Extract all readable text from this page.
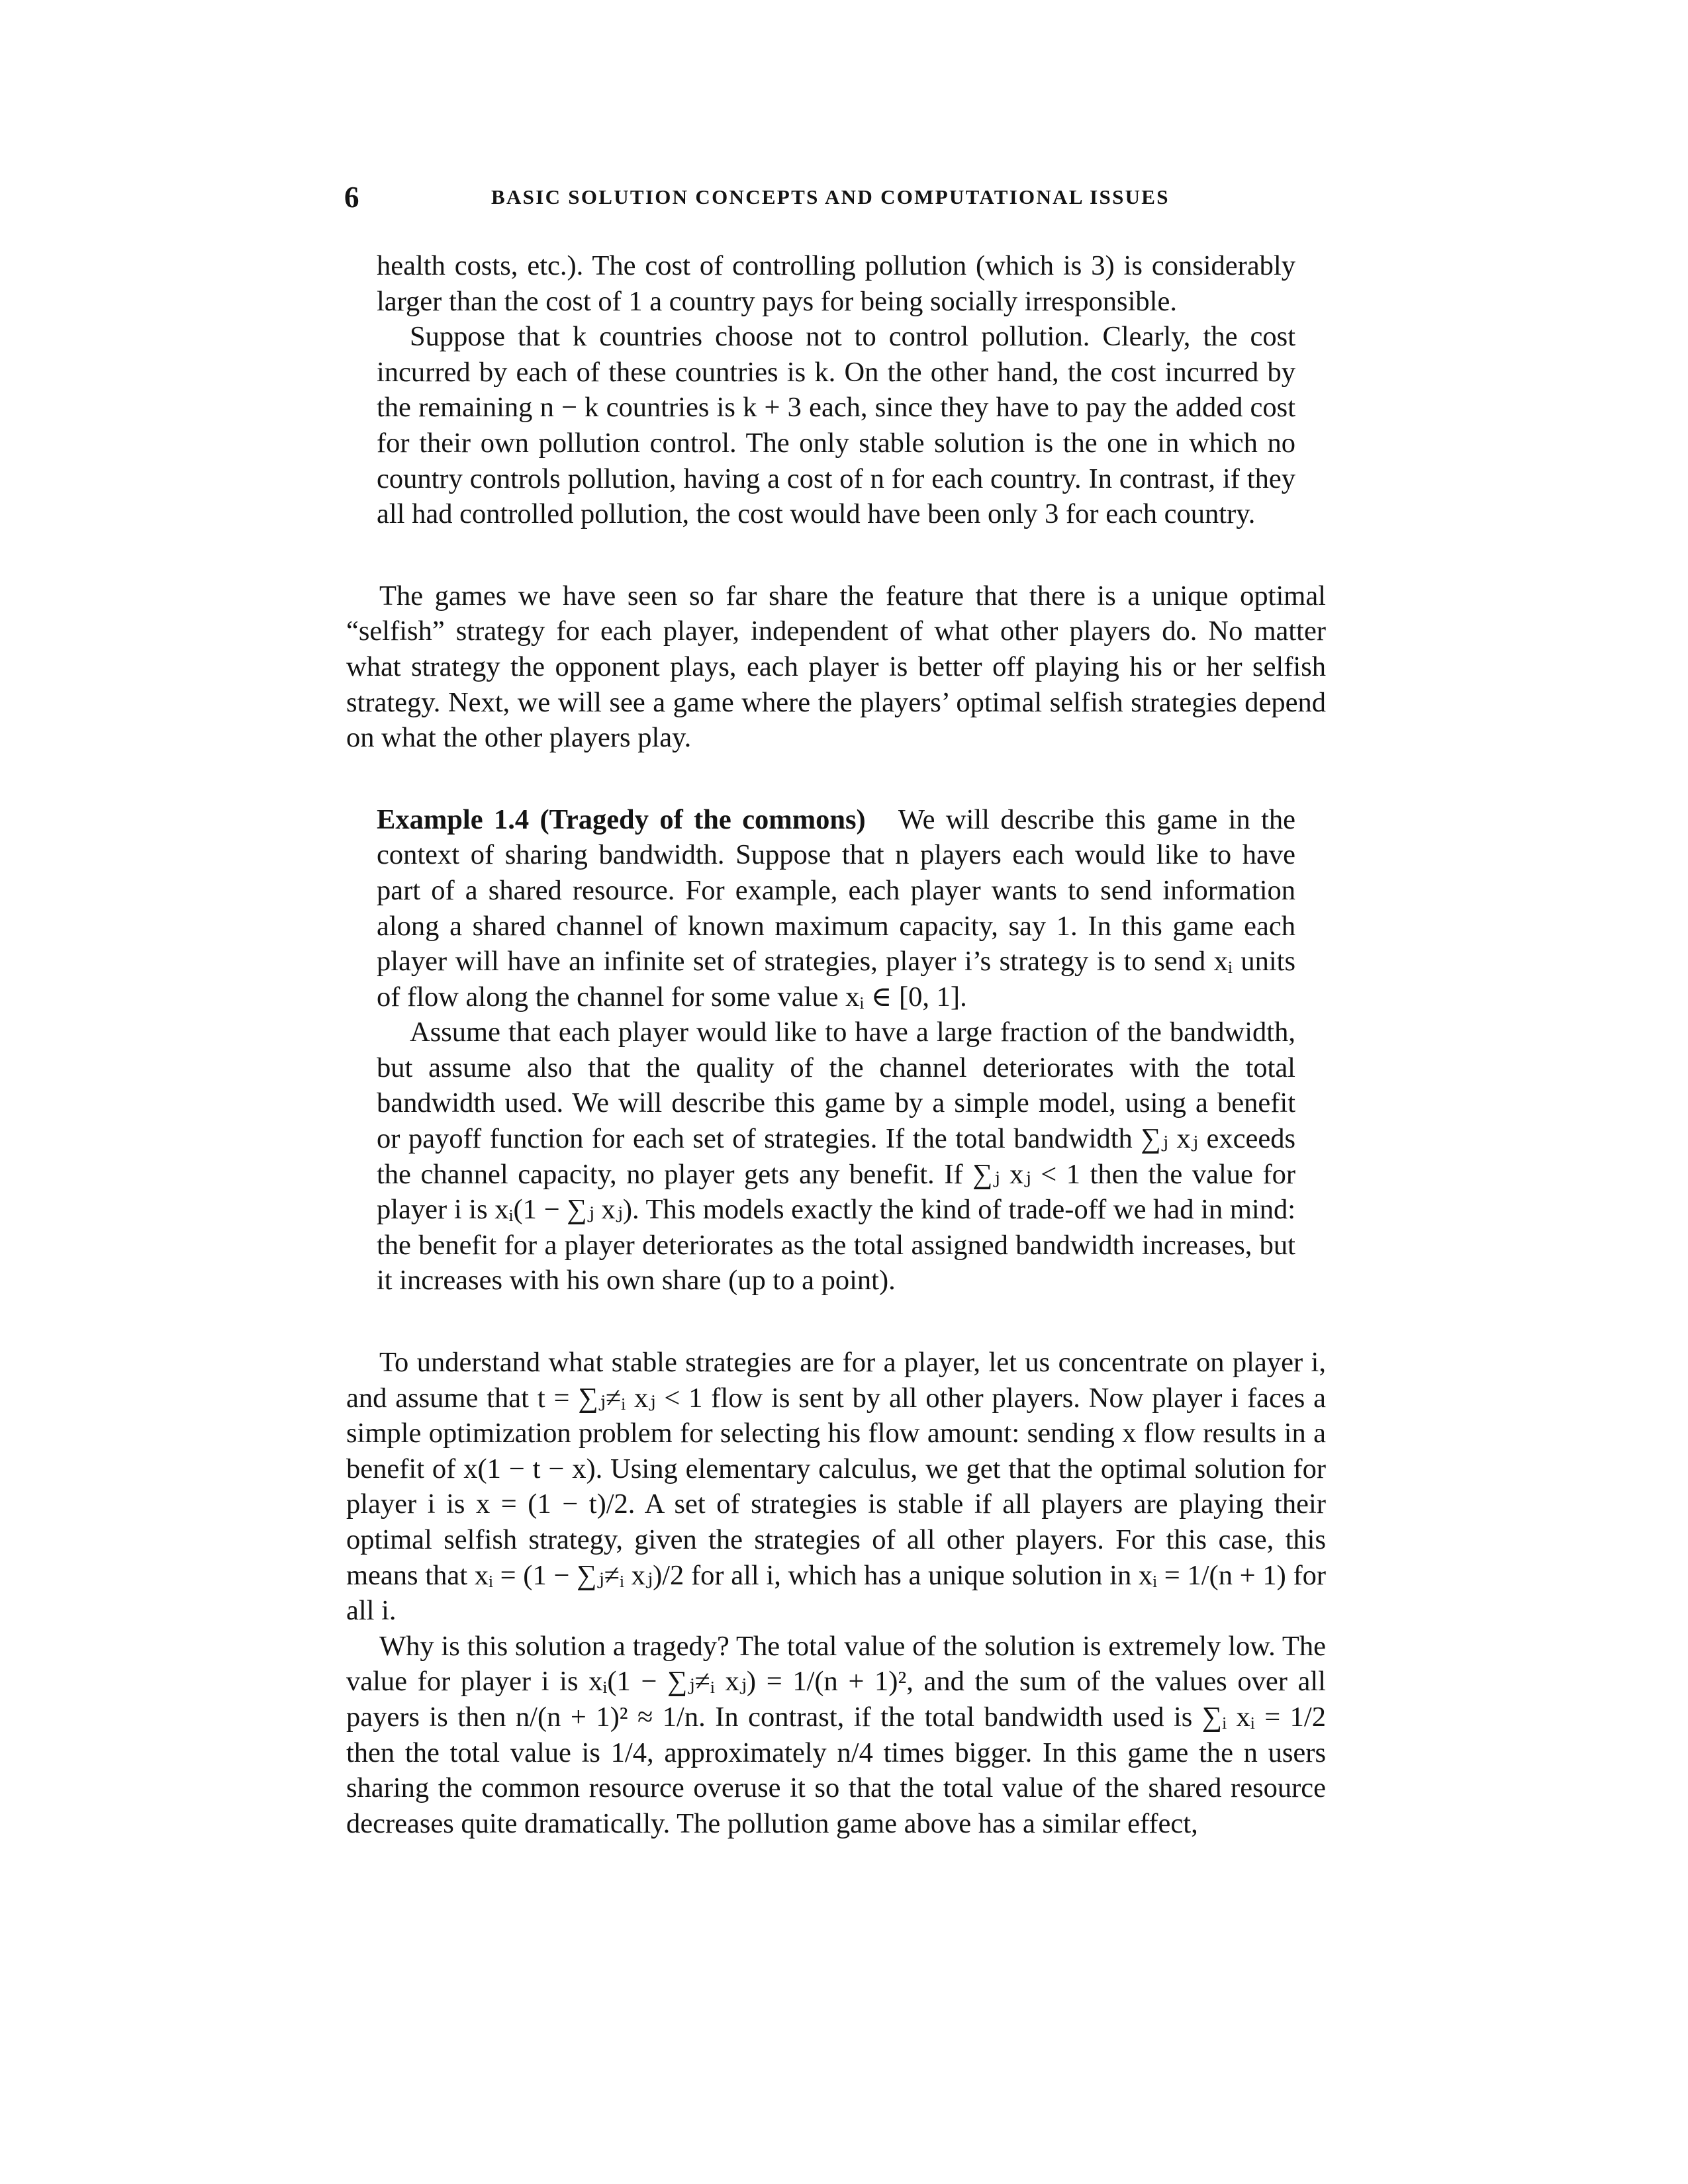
6	BASIC SOLUTION CONCEPTS AND COMPUTATIONAL ISSUES

health costs, etc.). The cost of controlling pollution (which is 3) is considerably larger than the cost of 1 a country pays for being socially irresponsible.

Suppose that k countries choose not to control pollution. Clearly, the cost incurred by each of these countries is k. On the other hand, the cost incurred by the remaining n − k countries is k + 3 each, since they have to pay the added cost for their own pollution control. The only stable solution is the one in which no country controls pollution, having a cost of n for each country. In contrast, if they all had controlled pollution, the cost would have been only 3 for each country.

The games we have seen so far share the feature that there is a unique optimal “selfish” strategy for each player, independent of what other players do. No matter what strategy the opponent plays, each player is better off playing his or her selfish strategy. Next, we will see a game where the players’ optimal selfish strategies depend on what the other players play.

Example 1.4 (Tragedy of the commons) We will describe this game in the context of sharing bandwidth. Suppose that n players each would like to have part of a shared resource. For example, each player wants to send information along a shared channel of known maximum capacity, say 1. In this game each player will have an infinite set of strategies, player i’s strategy is to send xᵢ units of flow along the channel for some value xᵢ ∈ [0, 1].

Assume that each player would like to have a large fraction of the bandwidth, but assume also that the quality of the channel deteriorates with the total bandwidth used. We will describe this game by a simple model, using a benefit or payoff function for each set of strategies. If the total bandwidth ∑ⱼ xⱼ exceeds the channel capacity, no player gets any benefit. If ∑ⱼ xⱼ < 1 then the value for player i is xᵢ(1 − ∑ⱼ xⱼ). This models exactly the kind of trade-off we had in mind: the benefit for a player deteriorates as the total assigned bandwidth increases, but it increases with his own share (up to a point).

To understand what stable strategies are for a player, let us concentrate on player i, and assume that t = ∑ⱼ≠ᵢ xⱼ < 1 flow is sent by all other players. Now player i faces a simple optimization problem for selecting his flow amount: sending x flow results in a benefit of x(1 − t − x). Using elementary calculus, we get that the optimal solution for player i is x = (1 − t)/2. A set of strategies is stable if all players are playing their optimal selfish strategy, given the strategies of all other players. For this case, this means that xᵢ = (1 − ∑ⱼ≠ᵢ xⱼ)/2 for all i, which has a unique solution in xᵢ = 1/(n + 1) for all i.

Why is this solution a tragedy? The total value of the solution is extremely low. The value for player i is xᵢ(1 − ∑ⱼ≠ᵢ xⱼ) = 1/(n + 1)², and the sum of the values over all payers is then n/(n + 1)² ≈ 1/n. In contrast, if the total bandwidth used is ∑ᵢ xᵢ = 1/2 then the total value is 1/4, approximately n/4 times bigger. In this game the n users sharing the common resource overuse it so that the total value of the shared resource decreases quite dramatically. The pollution game above has a similar effect,
